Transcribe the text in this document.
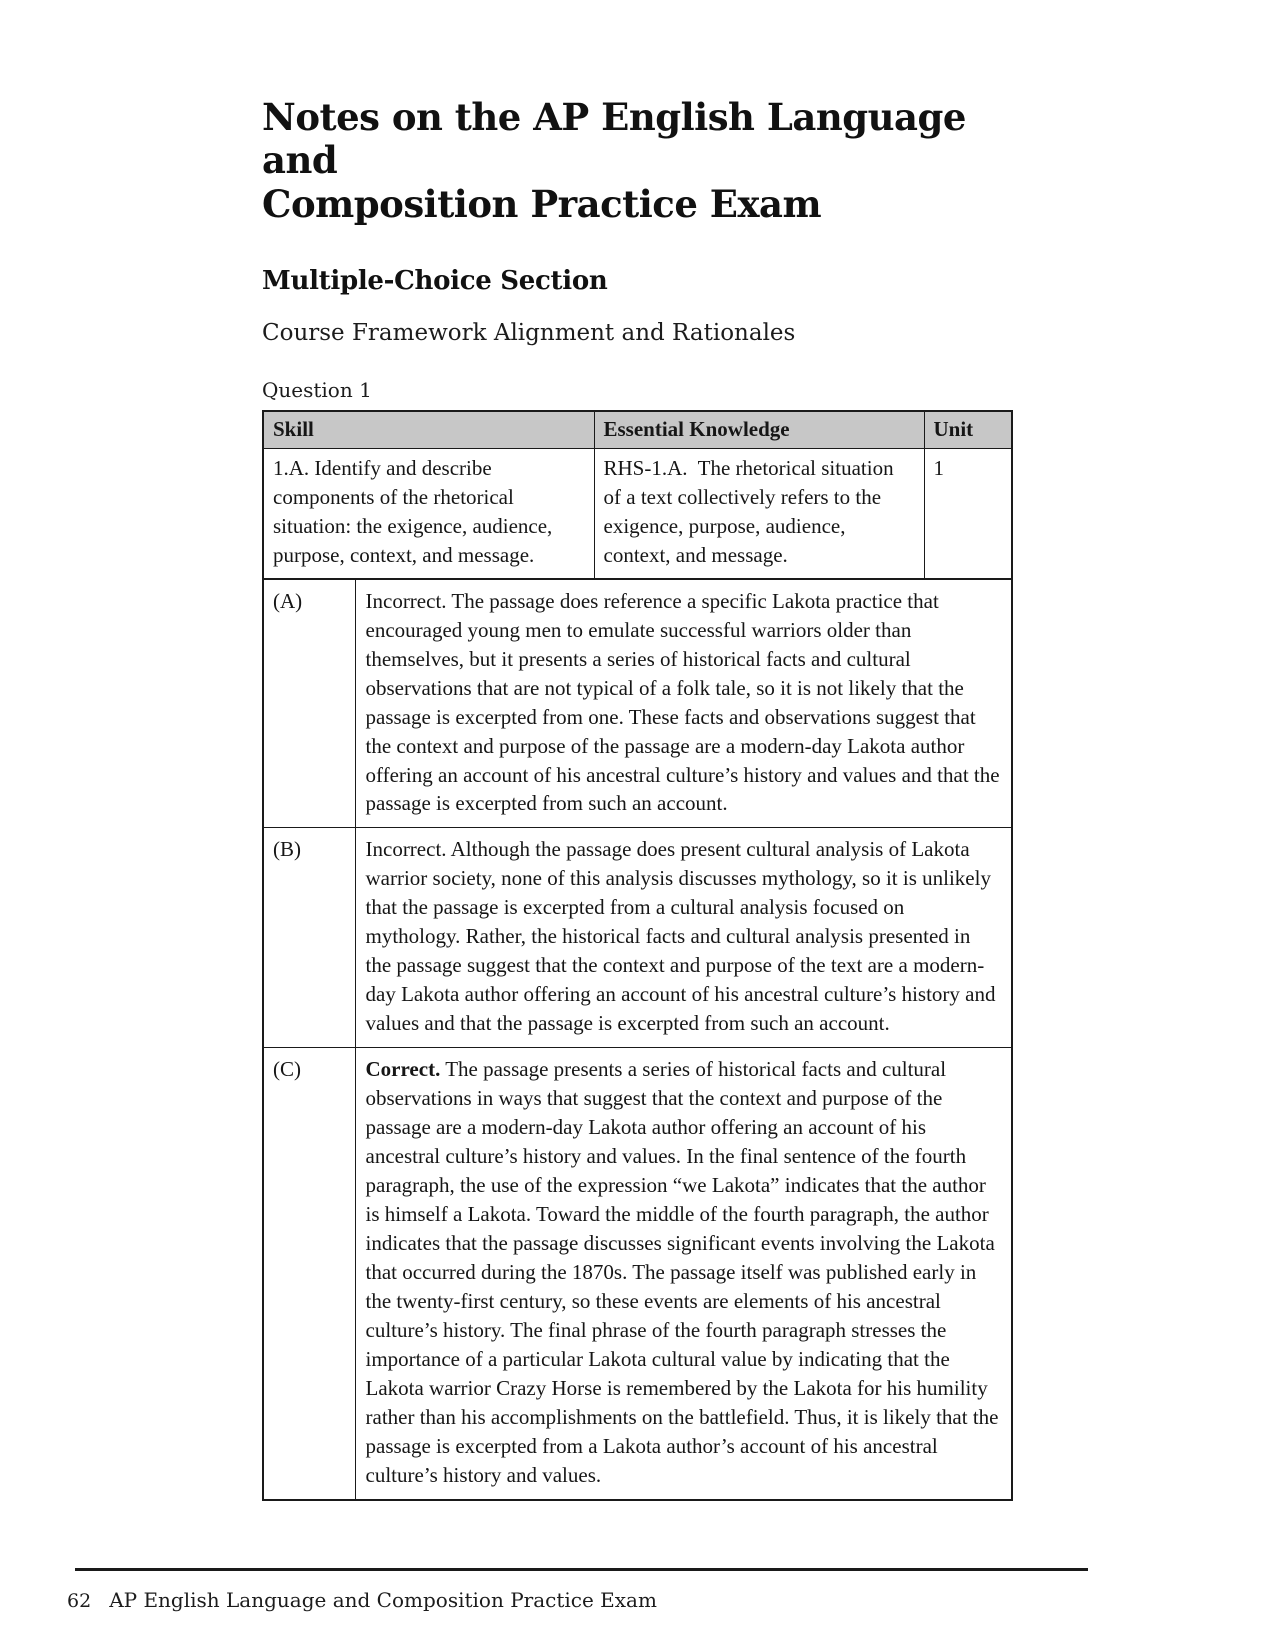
Notes on the AP English Language and
Composition Practice Exam
Multiple-Choice Section
Course Framework Alignment and Rationales
Question 1
Skill	Essential Knowledge	Unit
1.A. Identify and describe components of the rhetorical situation: the exigence, audience, purpose, context, and message.	RHS-1.A.  The rhetorical situation of a text collectively refers to the exigence, purpose, audience, context, and message.	1
(A)	Incorrect. The passage does reference a specific Lakota practice that encouraged young men to emulate successful warriors older than themselves, but it presents a series of historical facts and cultural observations that are not typical of a folk tale, so it is not likely that the passage is excerpted from one. These facts and observations suggest that the context and purpose of the passage are a modern-day Lakota author offering an account of his ancestral culture’s history and values and that the passage is excerpted from such an account.
(B)	Incorrect. Although the passage does present cultural analysis of Lakota warrior society, none of this analysis discusses mythology, so it is unlikely that the passage is excerpted from a cultural analysis focused on mythology. Rather, the historical facts and cultural analysis presented in the passage suggest that the context and purpose of the text are a modern-day Lakota author offering an account of his ancestral culture’s history and values and that the passage is excerpted from such an account.
(C)	Correct. The passage presents a series of historical facts and cultural observations in ways that suggest that the context and purpose of the passage are a modern-day Lakota author offering an account of his ancestral culture’s history and values. In the final sentence of the fourth paragraph, the use of the expression “we Lakota” indicates that the author is himself a Lakota. Toward the middle of the fourth paragraph, the author indicates that the passage discusses significant events involving the Lakota that occurred during the 1870s. The passage itself was published early in the twenty-first century, so these events are elements of his ancestral culture’s history. The final phrase of the fourth paragraph stresses the importance of a particular Lakota cultural value by indicating that the Lakota warrior Crazy Horse is remembered by the Lakota for his humility rather than his accomplishments on the battlefield. Thus, it is likely that the passage is excerpted from a Lakota author’s account of his ancestral culture’s history and values.
62 AP English Language and Composition Practice Exam
